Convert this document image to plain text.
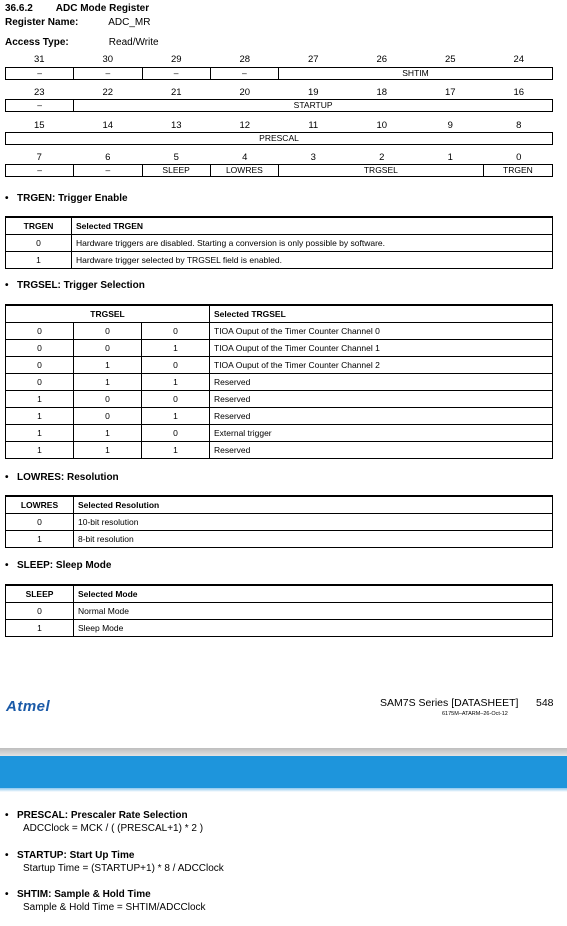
36.6.2 ADC Mode Register
Register Name:	ADC_MR
Access Type:	Read/Write
31	30	29	28	27	26	25	24
–	–	–	–	SHTIM
23	22	21	20	19	18	17	16
–	STARTUP
15	14	13	12	11	10	9	8
PRESCAL
7	6	5	4	3	2	1	0
–	–	SLEEP	LOWRES	TRGSEL	TRGEN
• TRGEN: Trigger Enable
TRGEN	Selected TRGEN
0	Hardware triggers are disabled. Starting a conversion is only possible by software.
1	Hardware trigger selected by TRGSEL field is enabled.
• TRGSEL: Trigger Selection
TRGSEL			Selected TRGSEL
0	0	0	TIOA Ouput of the Timer Counter Channel 0
0	0	1	TIOA Ouput of the Timer Counter Channel 1
0	1	0	TIOA Ouput of the Timer Counter Channel 2
0	1	1	Reserved
1	0	0	Reserved
1	0	1	Reserved
1	1	0	External trigger
1	1	1	Reserved
• LOWRES: Resolution
LOWRES	Selected Resolution
0	10-bit resolution
1	8-bit resolution
• SLEEP: Sleep Mode
SLEEP	Selected Mode
0	Normal Mode
1	Sleep Mode
Atmel	SAM7S Series [DATASHEET] 548
6175M–ATARM–26-Oct-12
• PRESCAL: Prescaler Rate Selection
ADCClock = MCK / ( (PRESCAL+1) * 2 )
• STARTUP: Start Up Time
Startup Time = (STARTUP+1) * 8 / ADCClock
• SHTIM: Sample & Hold Time
Sample & Hold Time = SHTIM/ADCClock
